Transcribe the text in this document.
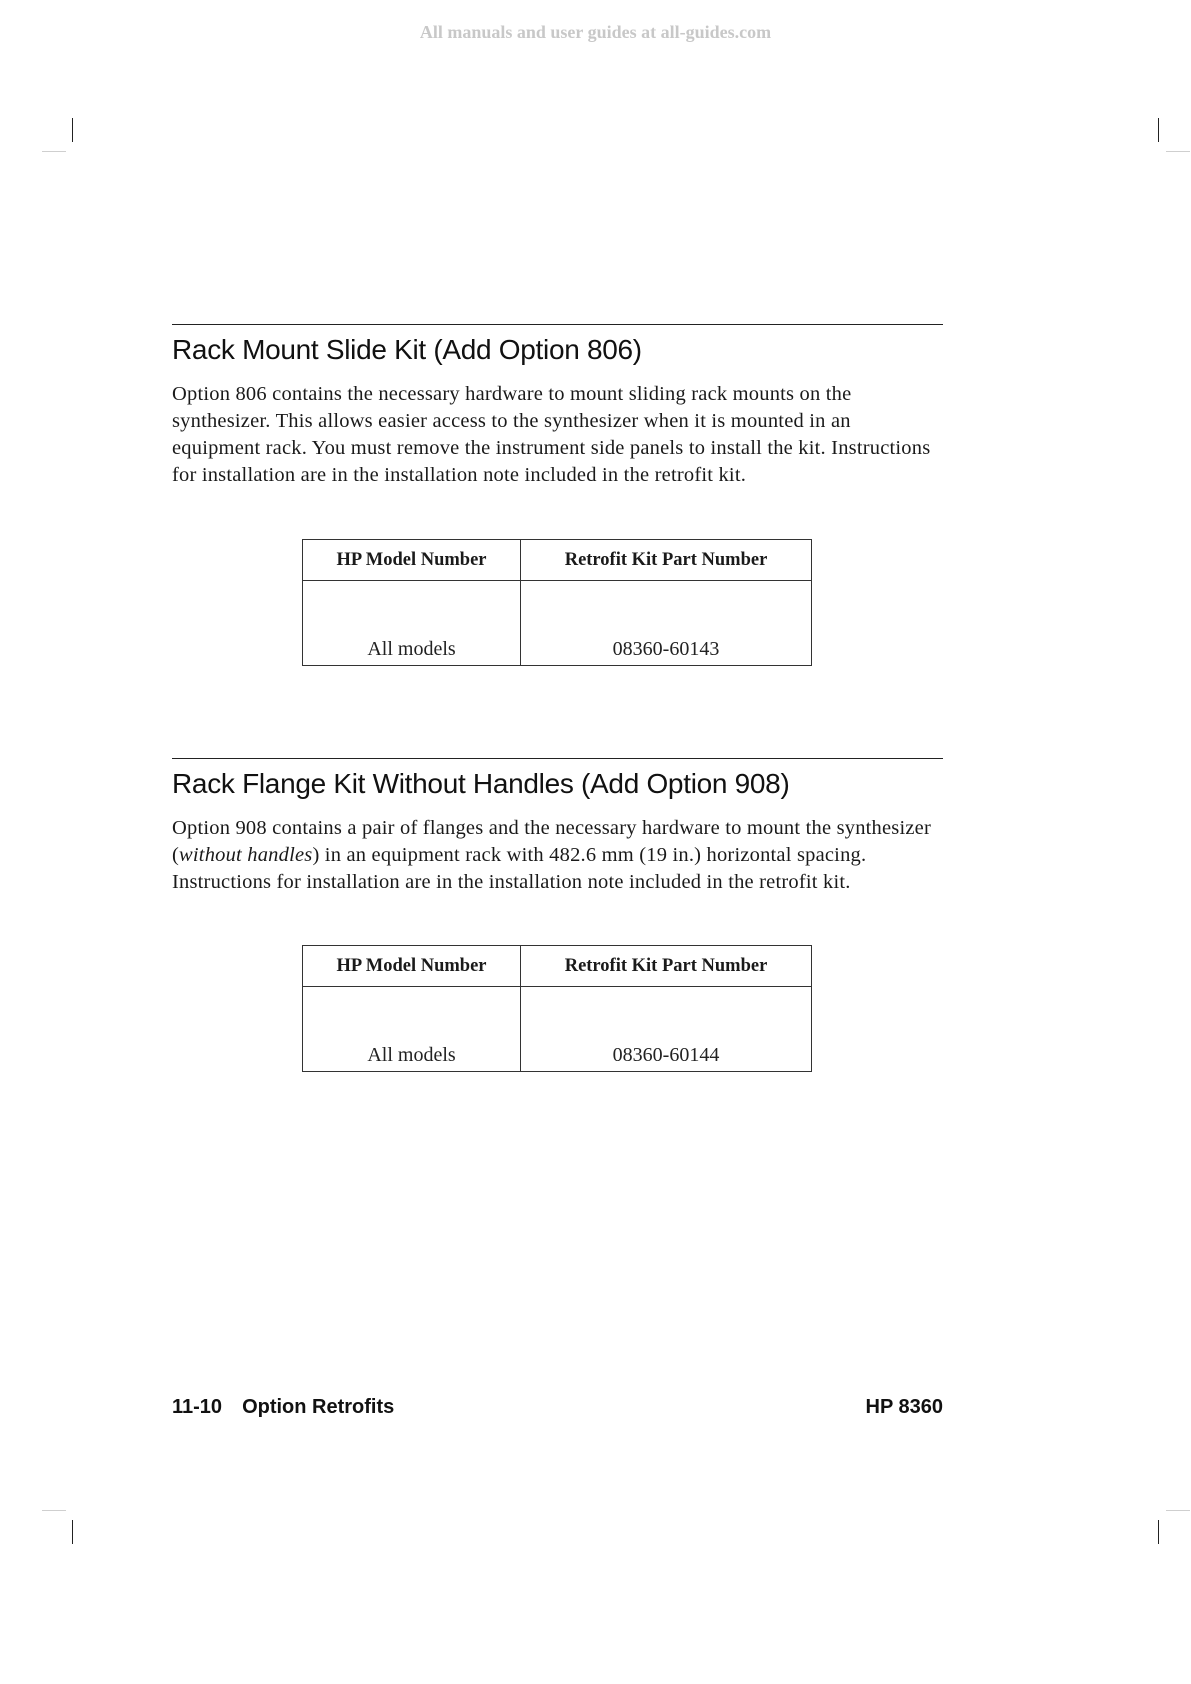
All manuals and user guides at all-guides.com
Rack Mount Slide Kit (Add Option 806)

Option 806 contains the necessary hardware to mount sliding rack mounts on the synthesizer. This allows easier access to the synthesizer when it is mounted in an equipment rack. You must remove the instrument side panels to install the kit. Instructions for installation are in the installation note included in the retrofit kit.

HP Model Number	Retrofit Kit Part Number
All models	08360-60143
Rack Flange Kit Without Handles (Add Option 908)

Option 908 contains a pair of flanges and the necessary hardware to mount the synthesizer (without handles) in an equipment rack with 482.6 mm (19 in.) horizontal spacing. Instructions for installation are in the installation note included in the retrofit kit.

HP Model Number	Retrofit Kit Part Number
All models	08360-60144
11-10 Option Retrofits	HP 8360
